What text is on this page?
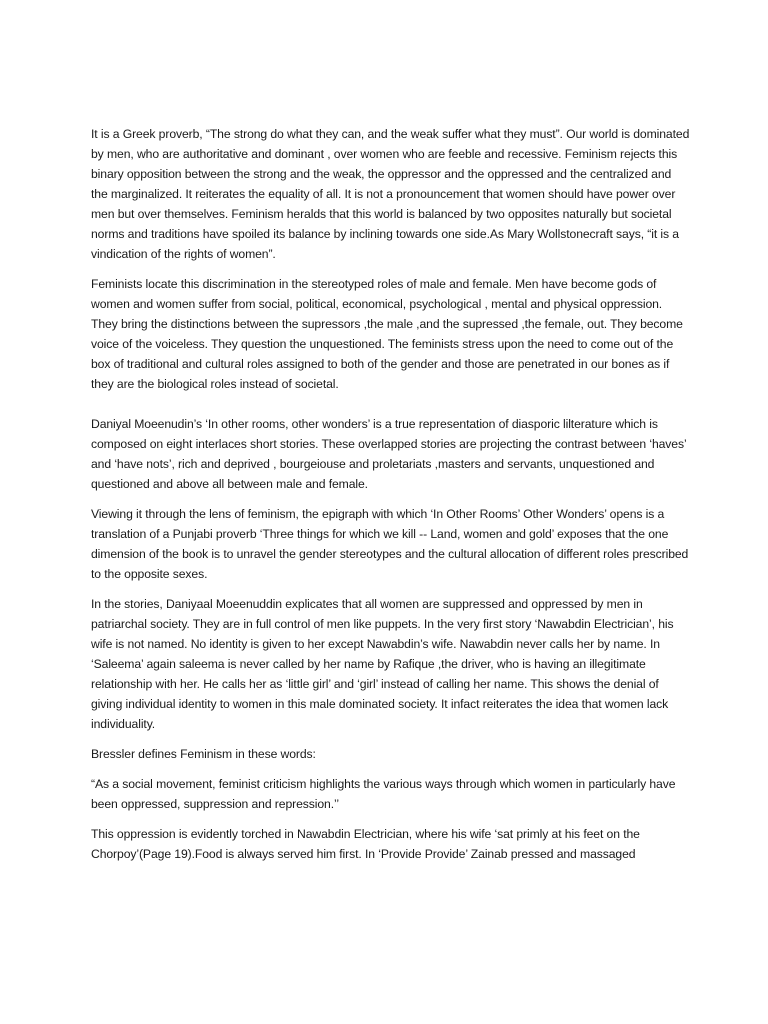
It is a Greek proverb, “The strong do what they can, and the weak suffer what they must”. Our world is dominated by men, who are authoritative and dominant , over women who are feeble and recessive. Feminism rejects this binary opposition between the strong and the weak, the oppressor and the oppressed and the centralized and the marginalized. It reiterates the equality of all. It is not a pronouncement that women should have power over men but over themselves. Feminism heralds that this world is balanced by two opposites naturally but societal norms and traditions have spoiled its balance by inclining towards one side.As Mary Wollstonecraft says, “it is a vindication of the rights of women”.

Feminists locate this discrimination in the stereotyped roles of male and female. Men have become gods of women and women suffer from social, political, economical, psychological , mental and physical oppression. They bring the distinctions between the supressors ,the male ,and the supressed ,the female, out. They become voice of the voiceless. They question the unquestioned. The feminists stress upon the need to come out of the box of traditional and cultural roles assigned to both of the gender and those are penetrated in our bones as if they are the biological roles instead of societal.

Daniyal Moeenudin’s ‘In other rooms, other wonders’ is a true representation of diasporic lilterature which is composed on eight interlaces short stories. These overlapped stories are projecting the contrast between ‘haves’ and ‘have nots’, rich and deprived , bourgeiouse and proletariats ,masters and servants, unquestioned and questioned and above all between male and female.

Viewing it through the lens of feminism, the epigraph with which ‘In Other Rooms’ Other Wonders’ opens is a translation of a Punjabi proverb ‘Three things for which we kill -- Land, women and gold’ exposes that the one dimension of the book is to unravel the gender stereotypes and the cultural allocation of different roles prescribed to the opposite sexes.

In the stories, Daniyaal Moeenuddin explicates that all women are suppressed and oppressed by men in patriarchal society. They are in full control of men like puppets. In the very first story ‘Nawabdin Electrician’, his wife is not named. No identity is given to her except Nawabdin’s wife. Nawabdin never calls her by name. In ‘Saleema’ again saleema is never called by her name by Rafique ,the driver, who is having an illegitimate relationship with her. He calls her as ‘little girl’ and ‘girl’ instead of calling her name. This shows the denial of giving individual identity to women in this male dominated society. It infact reiterates the idea that women lack individuality.

Bressler defines Feminism in these words:

“As a social movement, feminist criticism highlights the various ways through which women in particularly have been oppressed, suppression and repression.’’

This oppression is evidently torched in Nawabdin Electrician, where his wife ‘sat primly at his feet on the Chorpoy’(Page 19).Food is always served him first. In ‘Provide Provide’ Zainab pressed and massaged
